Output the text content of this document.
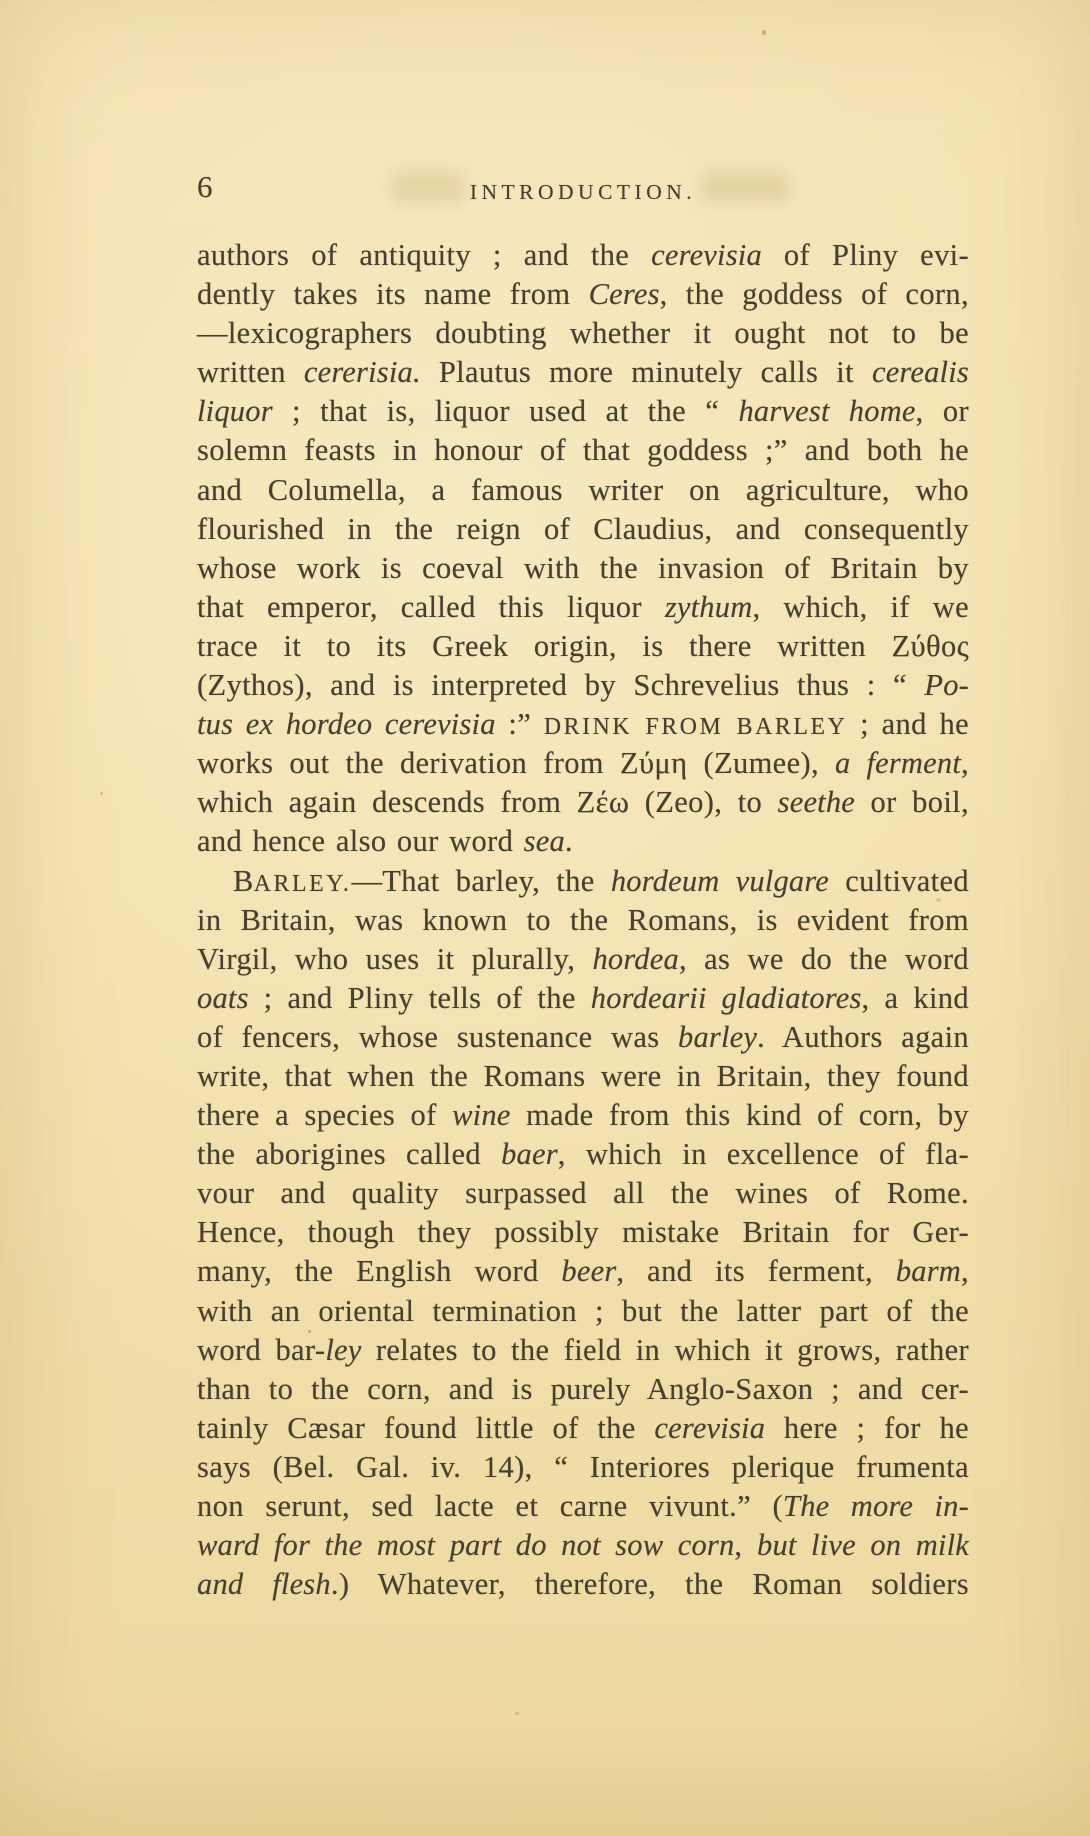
6	INTRODUCTION.
authors of antiquity ; and the cerevisia of Pliny evi-
dently takes its name from Ceres, the goddess of corn,
—lexicographers doubting whether it ought not to be
written cererisia. Plautus more minutely calls it cerealis
liquor ; that is, liquor used at the “ harvest home, or
solemn feasts in honour of that goddess ;” and both he
and Columella, a famous writer on agriculture, who
flourished in the reign of Claudius, and consequently
whose work is coeval with the invasion of Britain by
that emperor, called this liquor zythum, which, if we
trace it to its Greek origin, is there written Ζύθος
(Zythos), and is interpreted by Schrevelius thus : “ Po-
tus ex hordeo cerevisia :” DRINK FROM BARLEY ; and he
works out the derivation from Ζύμη (Zumee), a ferment,
which again descends from Ζέω (Zeo), to seethe or boil,
and hence also our word sea.
BARLEY.—That barley, the hordeum vulgare cultivated
in Britain, was known to the Romans, is evident from
Virgil, who uses it plurally, hordea, as we do the word
oats ; and Pliny tells of the hordearii gladiatores, a kind
of fencers, whose sustenance was barley. Authors again
write, that when the Romans were in Britain, they found
there a species of wine made from this kind of corn, by
the aborigines called baer, which in excellence of fla-
vour and quality surpassed all the wines of Rome.
Hence, though they possibly mistake Britain for Ger-
many, the English word beer, and its ferment, barm,
with an oriental termination ; but the latter part of the
word bar-ley relates to the field in which it grows, rather
than to the corn, and is purely Anglo-Saxon ; and cer-
tainly Cæsar found little of the cerevisia here ; for he
says (Bel. Gal. iv. 14), “ Interiores plerique frumenta
non serunt, sed lacte et carne vivunt.” (The more in-
ward for the most part do not sow corn, but live on milk
and flesh.) Whatever, therefore, the Roman soldiers
